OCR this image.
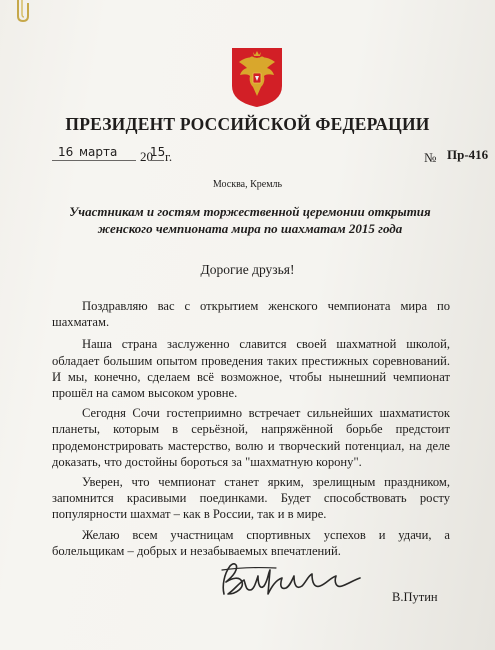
ПРЕЗИДЕНТ РОССИЙСКОЙ ФЕДЕРАЦИИ
16 марта 20
15 г.	№ Пр-416
Москва, Кремль
Участникам и гостям торжественной церемонии открытия
женского чемпионата мира по шахматам 2015 года
Дорогие друзья!

Поздравляю вас с открытием женского чемпионата мира по шахматам.

Наша страна заслуженно славится своей шахматной школой, обладает большим опытом проведения таких престижных соревнований. И мы, конечно, сделаем всё возможное, чтобы нынешний чемпионат прошёл на самом высоком уровне.

Сегодня Сочи гостеприимно встречает сильнейших шахматисток планеты, которым в серьёзной, напряжённой борьбе предстоит продемонстрировать мастерство, волю и творческий потенциал, на деле доказать, что достойны бороться за "шахматную корону".

Уверен, что чемпионат станет ярким, зрелищным праздником, запомнится красивыми поединками. Будет способствовать росту популярности шахмат – как в России, так и в мире.

Желаю всем участницам спортивных успехов и удачи, а болельщикам – добрых и незабываемых впечатлений.

В.Путин
